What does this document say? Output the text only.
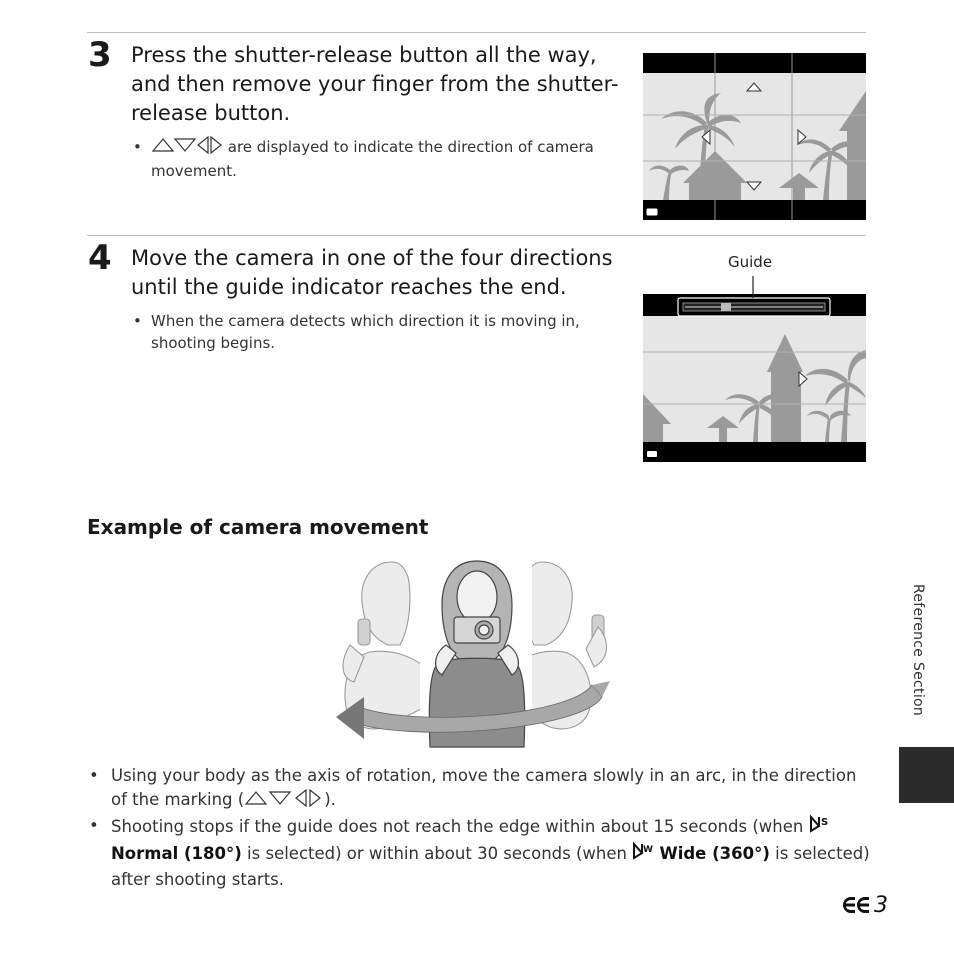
3 Press the shutter-release button all the way, and then remove your finger from the shutter-release button.
•	are displayed to indicate the direction of camera movement.
4 Move the camera in one of the four directions until the guide indicator reaches the end.
• When the camera detects which direction it is moving in, shooting begins.
Guide
Example of camera movement
• Using your body as the axis of rotation, move the camera slowly in an arc, in the direction of the marking (	).
• Shooting stops if the guide does not reach the edge within about 15 seconds (when S
Normal (180°) is selected) or within about 30 seconds (when W Wide (360°) is selected) after shooting starts.
Reference Section
3
